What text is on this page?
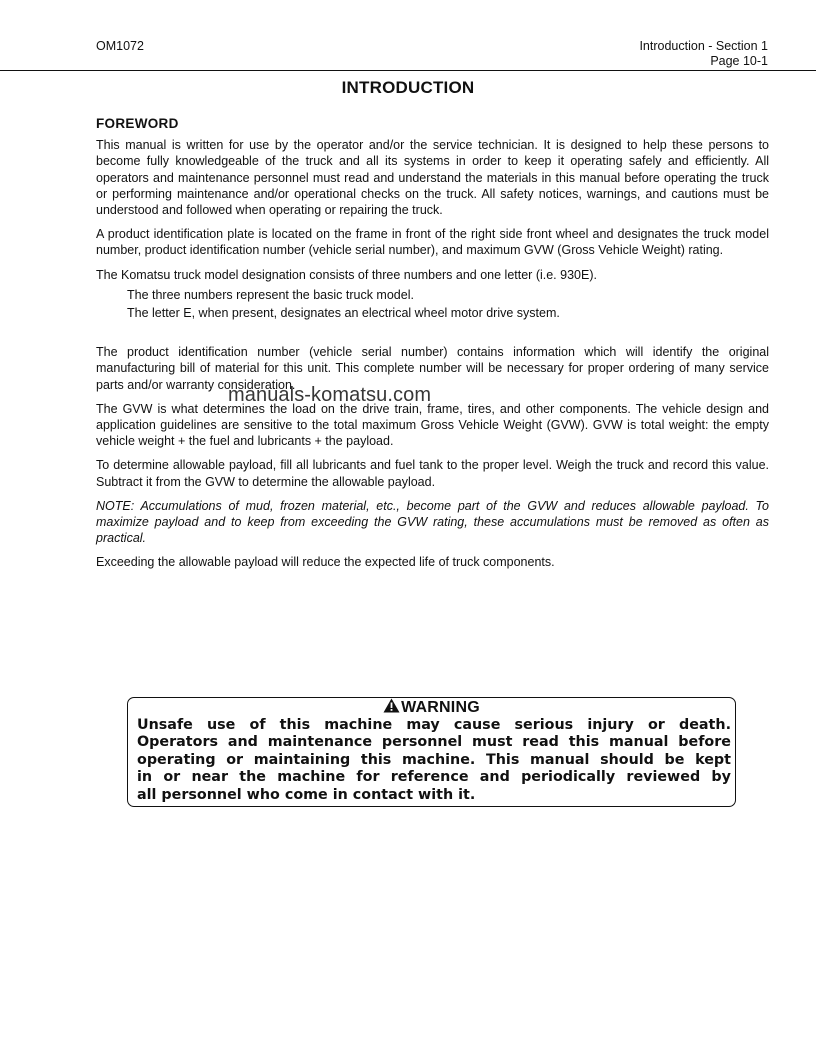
OM1072	Introduction - Section 1
Page 10-1
INTRODUCTION
FOREWORD

This manual is written for use by the operator and/or the service technician. It is designed to help these persons to become fully knowledgeable of the truck and all its systems in order to keep it operating safely and efficiently. All operators and maintenance personnel must read and understand the materials in this manual before operating the truck or performing maintenance and/or operational checks on the truck. All safety notices, warnings, and cautions must be understood and followed when operating or repairing the truck.

A product identification plate is located on the frame in front of the right side front wheel and designates the truck model number, product identification number (vehicle serial number), and maximum GVW (Gross Vehicle Weight) rating.

The Komatsu truck model designation consists of three numbers and one letter (i.e. 930E).

The three numbers represent the basic truck model.
The letter E, when present, designates an electrical wheel motor drive system.

The product identification number (vehicle serial number) contains information which will identify the original manufacturing bill of material for this unit. This complete number will be necessary for proper ordering of many service parts and/or warranty consideration.

The GVW is what determines the load on the drive train, frame, tires, and other components. The vehicle design and application guidelines are sensitive to the total maximum Gross Vehicle Weight (GVW). GVW is total weight: the empty vehicle weight + the fuel and lubricants + the payload.

To determine allowable payload, fill all lubricants and fuel tank to the proper level. Weigh the truck and record this value. Subtract it from the GVW to determine the allowable payload.

NOTE: Accumulations of mud, frozen material, etc., become part of the GVW and reduces allowable payload. To maximize payload and to keep from exceeding the GVW rating, these accumulations must be removed as often as practical.

Exceeding the allowable payload will reduce the expected life of truck components.

manuals-komatsu.com
WARNING
Unsafe use of this machine may cause serious injury or death.
Operators and maintenance personnel must read this manual before
operating or maintaining this machine. This manual should be kept
in or near the machine for reference and periodically reviewed by
all personnel who come in contact with it.
